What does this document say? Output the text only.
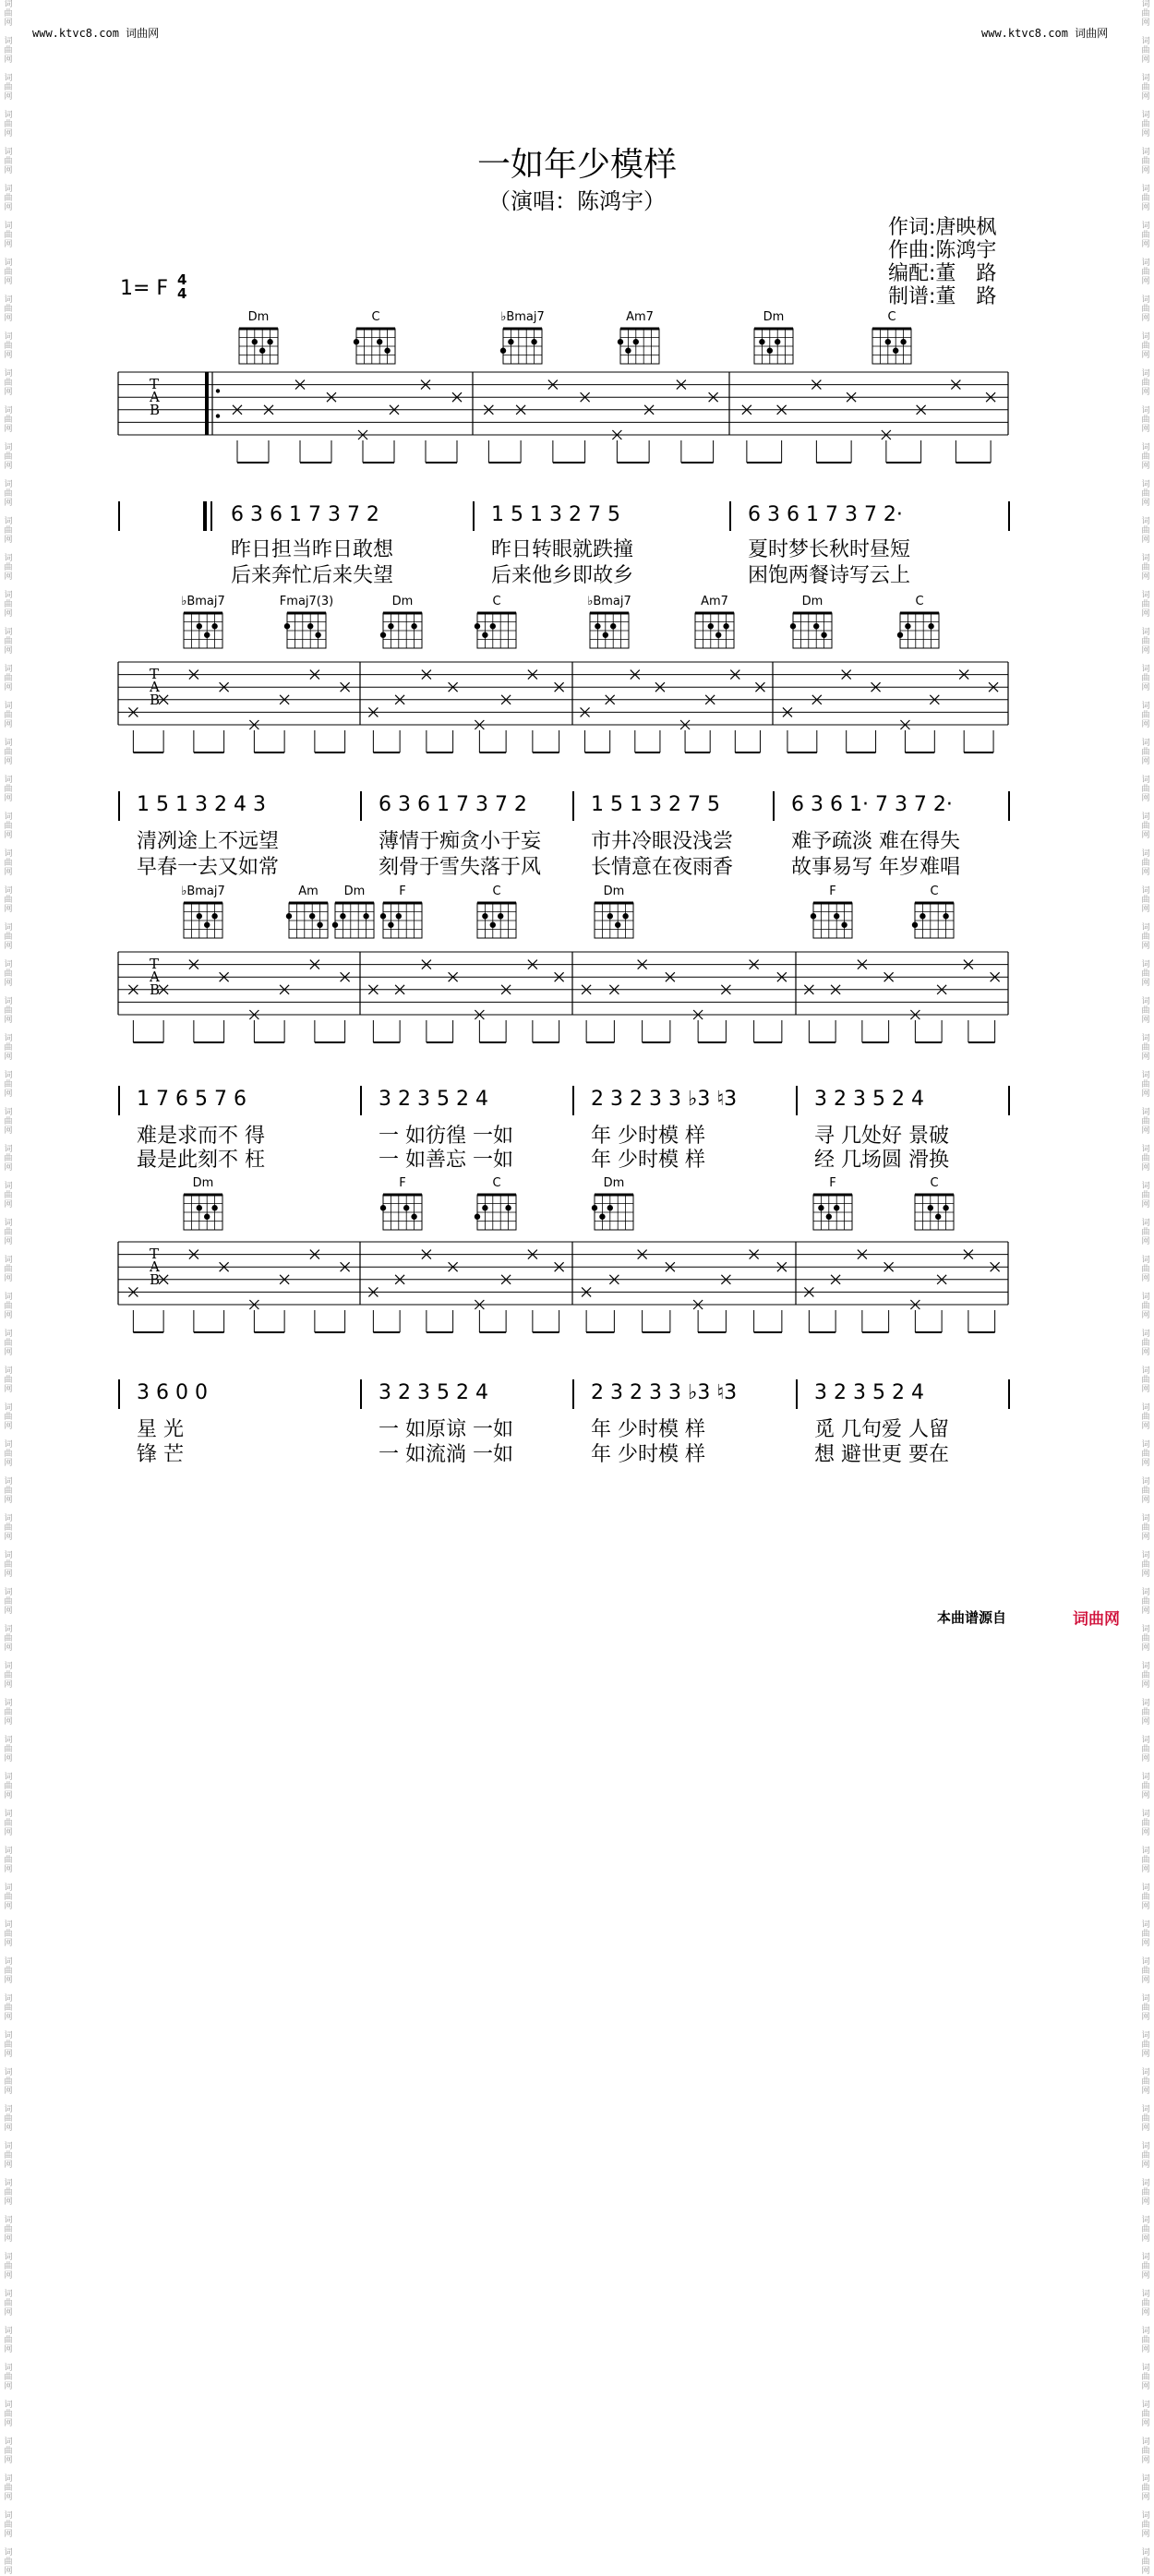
www.ktvc8.com 词曲网	www.ktvc8.com 词曲网
词
曲
网

词
曲
网

词
曲
网

词
曲
网

词
曲
网

词
曲
网

词
曲
网

词
曲
网

词
曲
网

词
曲
网

词
曲
网

词
曲
网

词
曲
网

词
曲
网

词
曲
网

词
曲
网

词
曲
网

词
曲
网

词
曲
网

词
曲
网

词
曲
网

词
曲
网

词
曲
网

词
曲
网

词
曲
网

词
曲
网

词
曲
网

词
曲
网

词
曲
网

词
曲
网

词
曲
网

词
曲
网

词
曲
网

词
曲
网

词
曲
网

词
曲
网

词
曲
网

词
曲
网

词
曲
网

词
曲
网

词
曲
网

词
曲
网

词
曲
网

词
曲
网

词
曲
网

词
曲
网

词
曲
网

词
曲
网

词
曲
网

词
曲
网

词
曲
网

词
曲
网

词
曲
网

词
曲
网

词
曲
网

词
曲
网

词
曲
网

词
曲
网

词
曲
网

词
曲
网

词
曲
网

词
曲
网

词
曲
网

词
曲
网

词
曲
网

词
曲
网

词
曲
网

词
曲
网

词
曲
网

词
曲
网

词
曲
网

词
曲
网

词
曲
网

词
曲
网

词
曲
网

词
曲
网

词
曲
网

词
曲
网

词
曲
网

词
曲
网

词
曲
网

词
曲
网

词
曲
网

词
曲
网

词
曲
网

词
曲
网

词
曲
网

词
曲
网

词
曲
网

词
曲
网

词
曲
网

词
曲
网

词
曲
网

词
曲
网

词
曲
网

词
曲
网

词
曲
网

词
曲
网

词
曲
网

词
曲
网

词
曲
网

词
曲
网

词
曲
网

词
曲
网

词
曲
网

词
曲
网

词
曲
网

词
曲
网

词
曲
网

词
曲
网

词
曲
网

词
曲
网

词
曲
网

词
曲
网

词
曲
网

词
曲
网

词
曲
网

词
曲
网

词
曲
网

词
曲
网

词
曲
网

词
曲
网

词
曲
网

词
曲
网

词
曲
网

词
曲
网

词
曲
网

词
曲
网

词
曲
网

词
曲
网

词
曲
网

词
曲
网

词
曲
网

词
曲
网

词
曲
网

词
曲
网

词
曲
网

词
曲
网

词
曲
网

词
曲
网

一如年少模样
（演唱：陈鸿宇）
作词:唐映枫
作曲:陈鸿宇
编配:董　路
制谱:董　路
1= F 4
4
T
A
B
Dm	C	♭Bmaj7	Am7	Dm	C
6 3 6 1 7 3 7 2
昨日担当昨日敢想
后来奔忙后来失望
1 5 1 3 2 7 5
昨日转眼就跌撞
后来他乡即故乡
6 3 6 1 7 3 7 2·
夏时梦长秋时昼短
困饱两餐诗写云上
T
A
B
♭Bmaj7	Fmaj7(3)	Dm	C	♭Bmaj7	Am7	Dm	C
1 5 1 3 2 4 3
清冽途上不远望
早春一去又如常
6 3 6 1 7 3 7 2
薄情于痴贪小于妄
刻骨于雪失落于风
1 5 1 3 2 7 5
市井冷眼没浅尝
长情意在夜雨香
6 3 6 1· 7 3 7 2·
难予疏淡 难在得失
故事易写 年岁难唱
T
A
B
♭Bmaj7	Am Dm	F	C	Dm	F	C
1 7 6 5 7 6
难是求而不 得
最是此刻不 枉
3 2 3 5 2 4
一 如彷徨 一如
一 如善忘 一如
2 3 2 3 3 ♭3 ♮3
年 少时模 样
年 少时模 样
3 2 3 5 2 4
寻 几处好 景破
经 几场圆 滑换
T
A
B
Dm	F	C	Dm	F	C
3 6 0 0
星 光
锋 芒
3 2 3 5 2 4
一 如原谅 一如
一 如流淌 一如
2 3 2 3 3 ♭3 ♮3
年 少时模 样
年 少时模 样
3 2 3 5 2 4
觅 几句爱 人留
想 避世更 要在
本曲谱源自	词曲网
